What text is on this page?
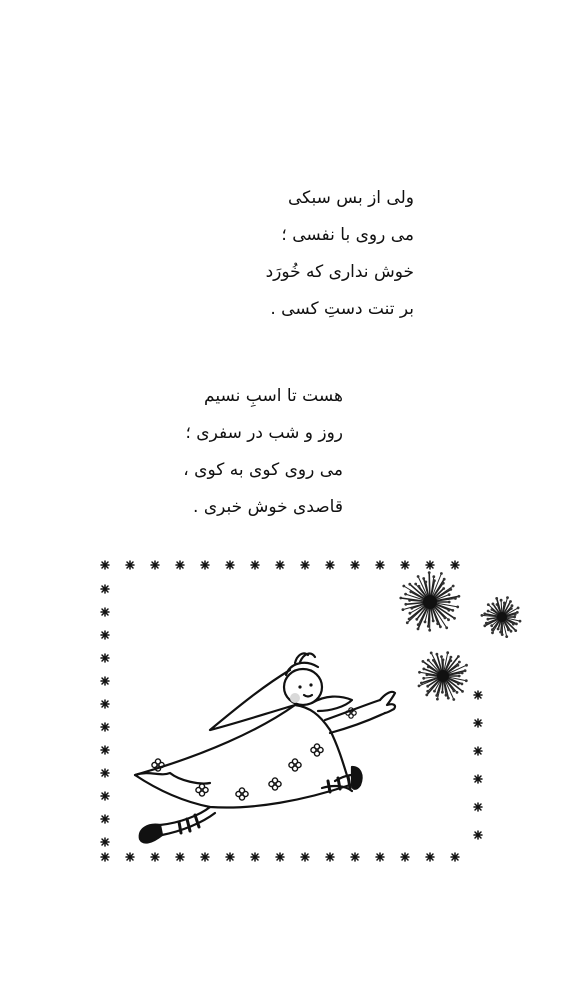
ولی از بس سبکی
می روی با نفسی ؛
خوش نداری که خُورَد
بر تنت دستِ کسی .
هست تا اسبِ نسیم
روز و شب در سفری ؛
می روی کوی به کوی ،
قاصدی خوش خبری .
